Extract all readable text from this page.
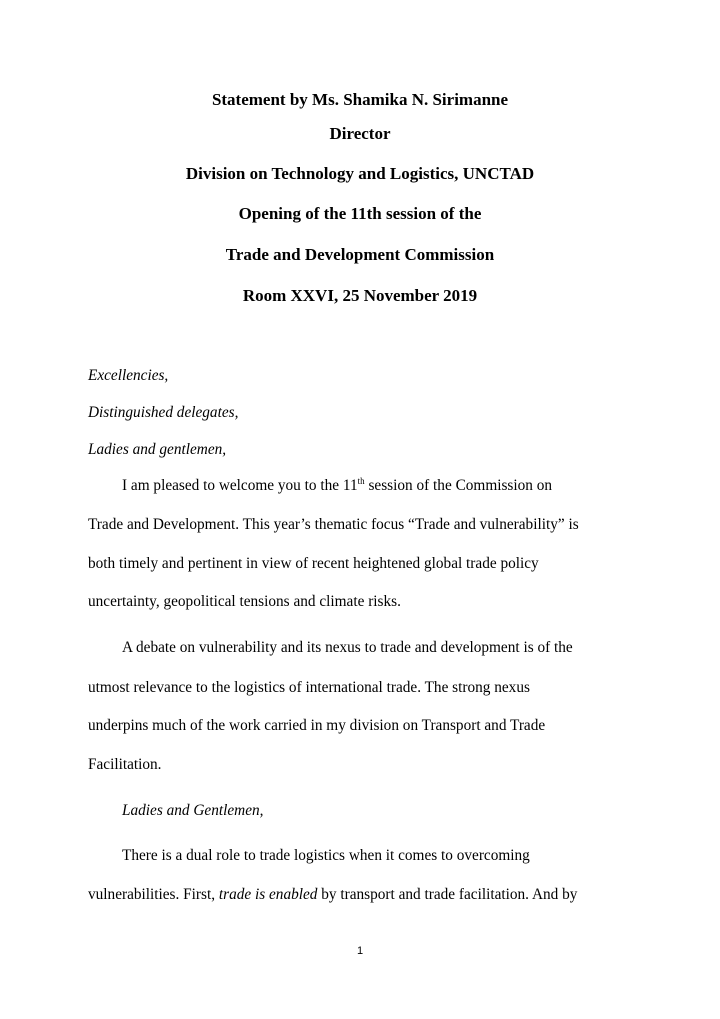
Statement by Ms. Shamika N. Sirimanne
Director
Division on Technology and Logistics, UNCTAD
Opening of the 11th session of the
Trade and Development Commission
Room XXVI, 25 November 2019
Excellencies,
Distinguished delegates,
Ladies and gentlemen,
I am pleased to welcome you to the 11th session of the Commission on
Trade and Development. This year’s thematic focus “Trade and vulnerability” is
both timely and pertinent in view of recent heightened global trade policy
uncertainty, geopolitical tensions and climate risks.
A debate on vulnerability and its nexus to trade and development is of the
utmost relevance to the logistics of international trade. The strong nexus
underpins much of the work carried in my division on Transport and Trade
Facilitation.
Ladies and Gentlemen,
There is a dual role to trade logistics when it comes to overcoming
vulnerabilities. First, trade is enabled by transport and trade facilitation. And by
1
